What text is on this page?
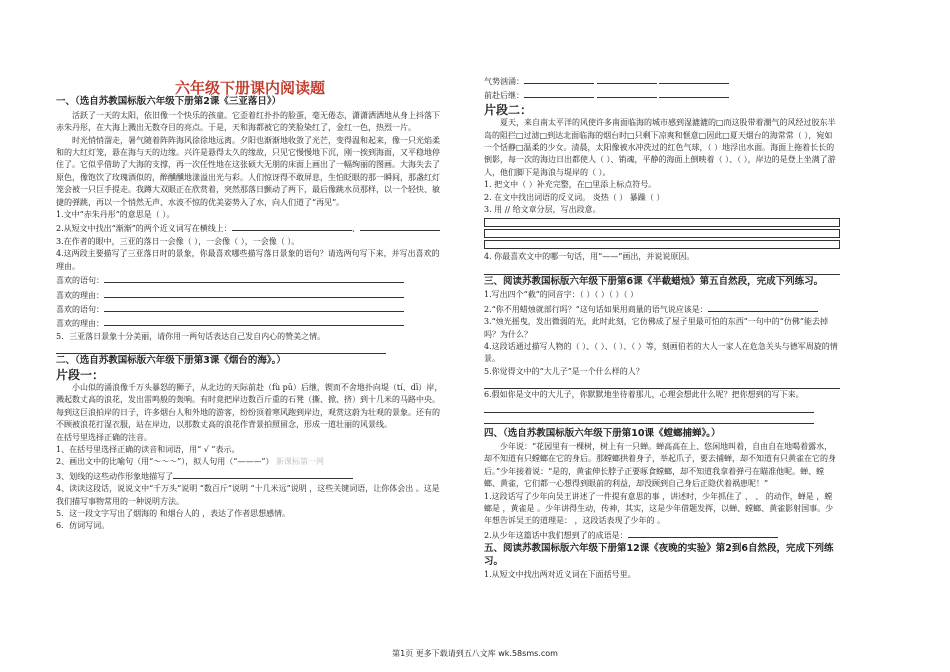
六年级下册课内阅读题
一、（选自苏教国标版六年级下册第2课《三亚落日》）

活跃了一天的太阳，依旧像一个快乐的孩童。它歪着红扑扑的脸蛋，毫无倦态，潇潇洒洒地从身上抖落下赤朱丹彤，在大海上溅出无数夺目的亮点。于是，天和海都被它的笑脸染红了，金红一色，热烈一片。

时光悄悄溜走，暑气随着阵阵海风徐徐地远离。夕阳也渐渐地收敛了光芒，变得温和起来，像一只光焰柔和的大红灯笼，悬在海与天的边缘。兴许是悬得太久的缘故，只见它慢慢地下沉，刚一挨到海面，又平稳地停住了。它似乎借助了大海的支撑，再一次任性地在这张硕大无朋的床面上画出了一幅绚丽的图画。大海失去了原色，像饱饮了玫瑰酒似的，醉醺醺地漾溢出光与彩。人们惊讶得不敢屏息，生怕眨眼的那一瞬间，那盏红灯笼会被一只巨手提走。我蹲大双眼正在欣赏着，突然那落日颤动了两下，最后像跳水员那样，以一个轻快、敏捷的弹跳，再以一个悄然无声、水波不惊的优美姿势入了水，向人们道了“再见”。

1.文中“赤朱丹彤”的意思是（ ）。

2.从短文中找出“渐渐”的两个近义词写在横线上：	、

3.在作者的眼中，三亚的落日一会像（ ），一会像（ ），一会像（ ）。

4.这两段主要描写了三亚落日时的景象，你最喜欢哪些描写落日景象的语句？请选两句写下来，并写出喜欢的理由。

喜欢的语句：

喜欢的理由：

喜欢的语句：

喜欢的理由：

5．三亚落日景象十分美丽，请你用一两句话表达自己发自内心的赞美之情。

二、（选自苏教国标版六年级下册第3课《烟台的海》。）
片段一：

小山似的涌浪像千万头暴怒的狮子，从北边的天际前赴（fù pū）后继，锲而不舍地扑向堤（tí、dī）岸，溅起数丈高的浪花，发出雷鸣般的轰响。有时竟把岸边数百斤重的石凳（撕、掀、挤）到十几米的马路中央。每到这巨浪拍岸的日子，许多烟台人和外地的游客，纷纷顶着寒风跑到岸边，观赏这蔚为壮观的景象。还有的不顾被浪花打湿衣服，站在岸边，以那数丈高的浪花作背景拍照留念，形成一道壮丽的风景线。

在括号里选择正确的注音。

1、在括号里选择正确的读音和词语，用“ √ ”表示。

2、画出文中的比喻句（用“～～～”），拟人句用（“———”） 新课标第一网

3、划线的这些动作形象地描写了

4、读读这段话，说说文中“千万头”说明 “数百斤”说明 “十几米远”说明 ，这些关键词语，让你体会出 。这是我们描写事物常用的一种说明方法。

5．这一段文字写出了烟海的 和烟台人的 ，表达了作者思想感情。

6．仿词写词。

气势汹涌：

前赴后继：

片段二：

夏天，来自南太平洋的风使许多南面临海的城市感到湿漉漉的□而这股带着潮气的风经过胶东半岛的阻拦□过滤□到达北面临海的烟台时□只剩下凉爽和惬意□因此□夏天烟台的海常常（ ），宛如一个恬静□温柔的少女。清晨，太阳像被水冲洗过的红色气球，（ ）地浮出水面。海面上拖着长长的倒影，每一次的海边日出都使人（ ）、销魂，平静的海面上倒映着（ ）、（ ），岸边的是登上坐满了游人，他们脚下是海浪与堤岸的（ ）。

1. 把文中（ ）补充完整，在□里添上标点符号。

2. 在文中找出词语的反义词。 炎热（ ） 暴躁（ ）

3. 用 // 给文章分层，写出段意。

4. 你最喜欢文中的哪一句话，用“——”画出，并说说原因。

三、阅读苏教国标版六年级下册第6课《半截蜡烛》第五自然段，完成下列练习。

1.写出四个“截”的同音字：（ ）（ ）（ ）（ ）

2.“你不用蜡烛就部行吗？”这句话如果用商量的语气说应该是：

3.“烛光摇曳，发出微弱的光，此时此刻，它仿佛成了屋子里最可怕的东西”一句中的“仿佛”能去掉吗？为什么？

4.这段话通过描写人物的（ ）、（ ）、（ ）、（ ）等，刻画伯若的大人一家人在危急关头与德军周旋的情景。

5.你觉得文中的“大儿子”是一个什么样的人？

6.假如你是文中的大儿子，你默默地坐待着那儿，心理会想此什么呢？把你想到的写下来。

四、（选自苏教国标版六年级下册第10课《螳螂捕蝉》。）

少年说：“花园里有一棵树，树上有一只蝉。蝉高高在上、悠闲地叫着，自由自在地喝着露水，却不知道有只螳螂在它的身后。那螳螂拱着身子，举起爪子，要去捕蝉，却不知道有只黄雀在它的身后。”少年接着说：“是的，黄雀伸长脖子正要啄食螳螂，却不知道我拿着弹弓在瞄准他呢。蝉、螳螂、黄雀，它们都一心想得到眼前的利益，却没顾到自己身后正隐伏着祸患呢！”

1.这段话写了少年向吴王讲述了一件提有意思的事 ，讲述时，少年抓住了 、 、 的动作，蝉是 ，螳螂是 ，黄雀是 。少年讲得生动，传神，其实，这是少年借题发挥，以蝉、螳螂、黄雀影射国事。少年想告诉吴王的道理是： ，这段话表现了少年的 。

2.从少年这篇话中我们想到了的成语是：

五、阅读苏教国标版六年级下册第12课《夜晚的实验》第2到6自然段，完成下列练习。

1.从短文中找出两对近义词在下面括号里。

第1页 更多下载请到五八文库 wk.58sms.com
